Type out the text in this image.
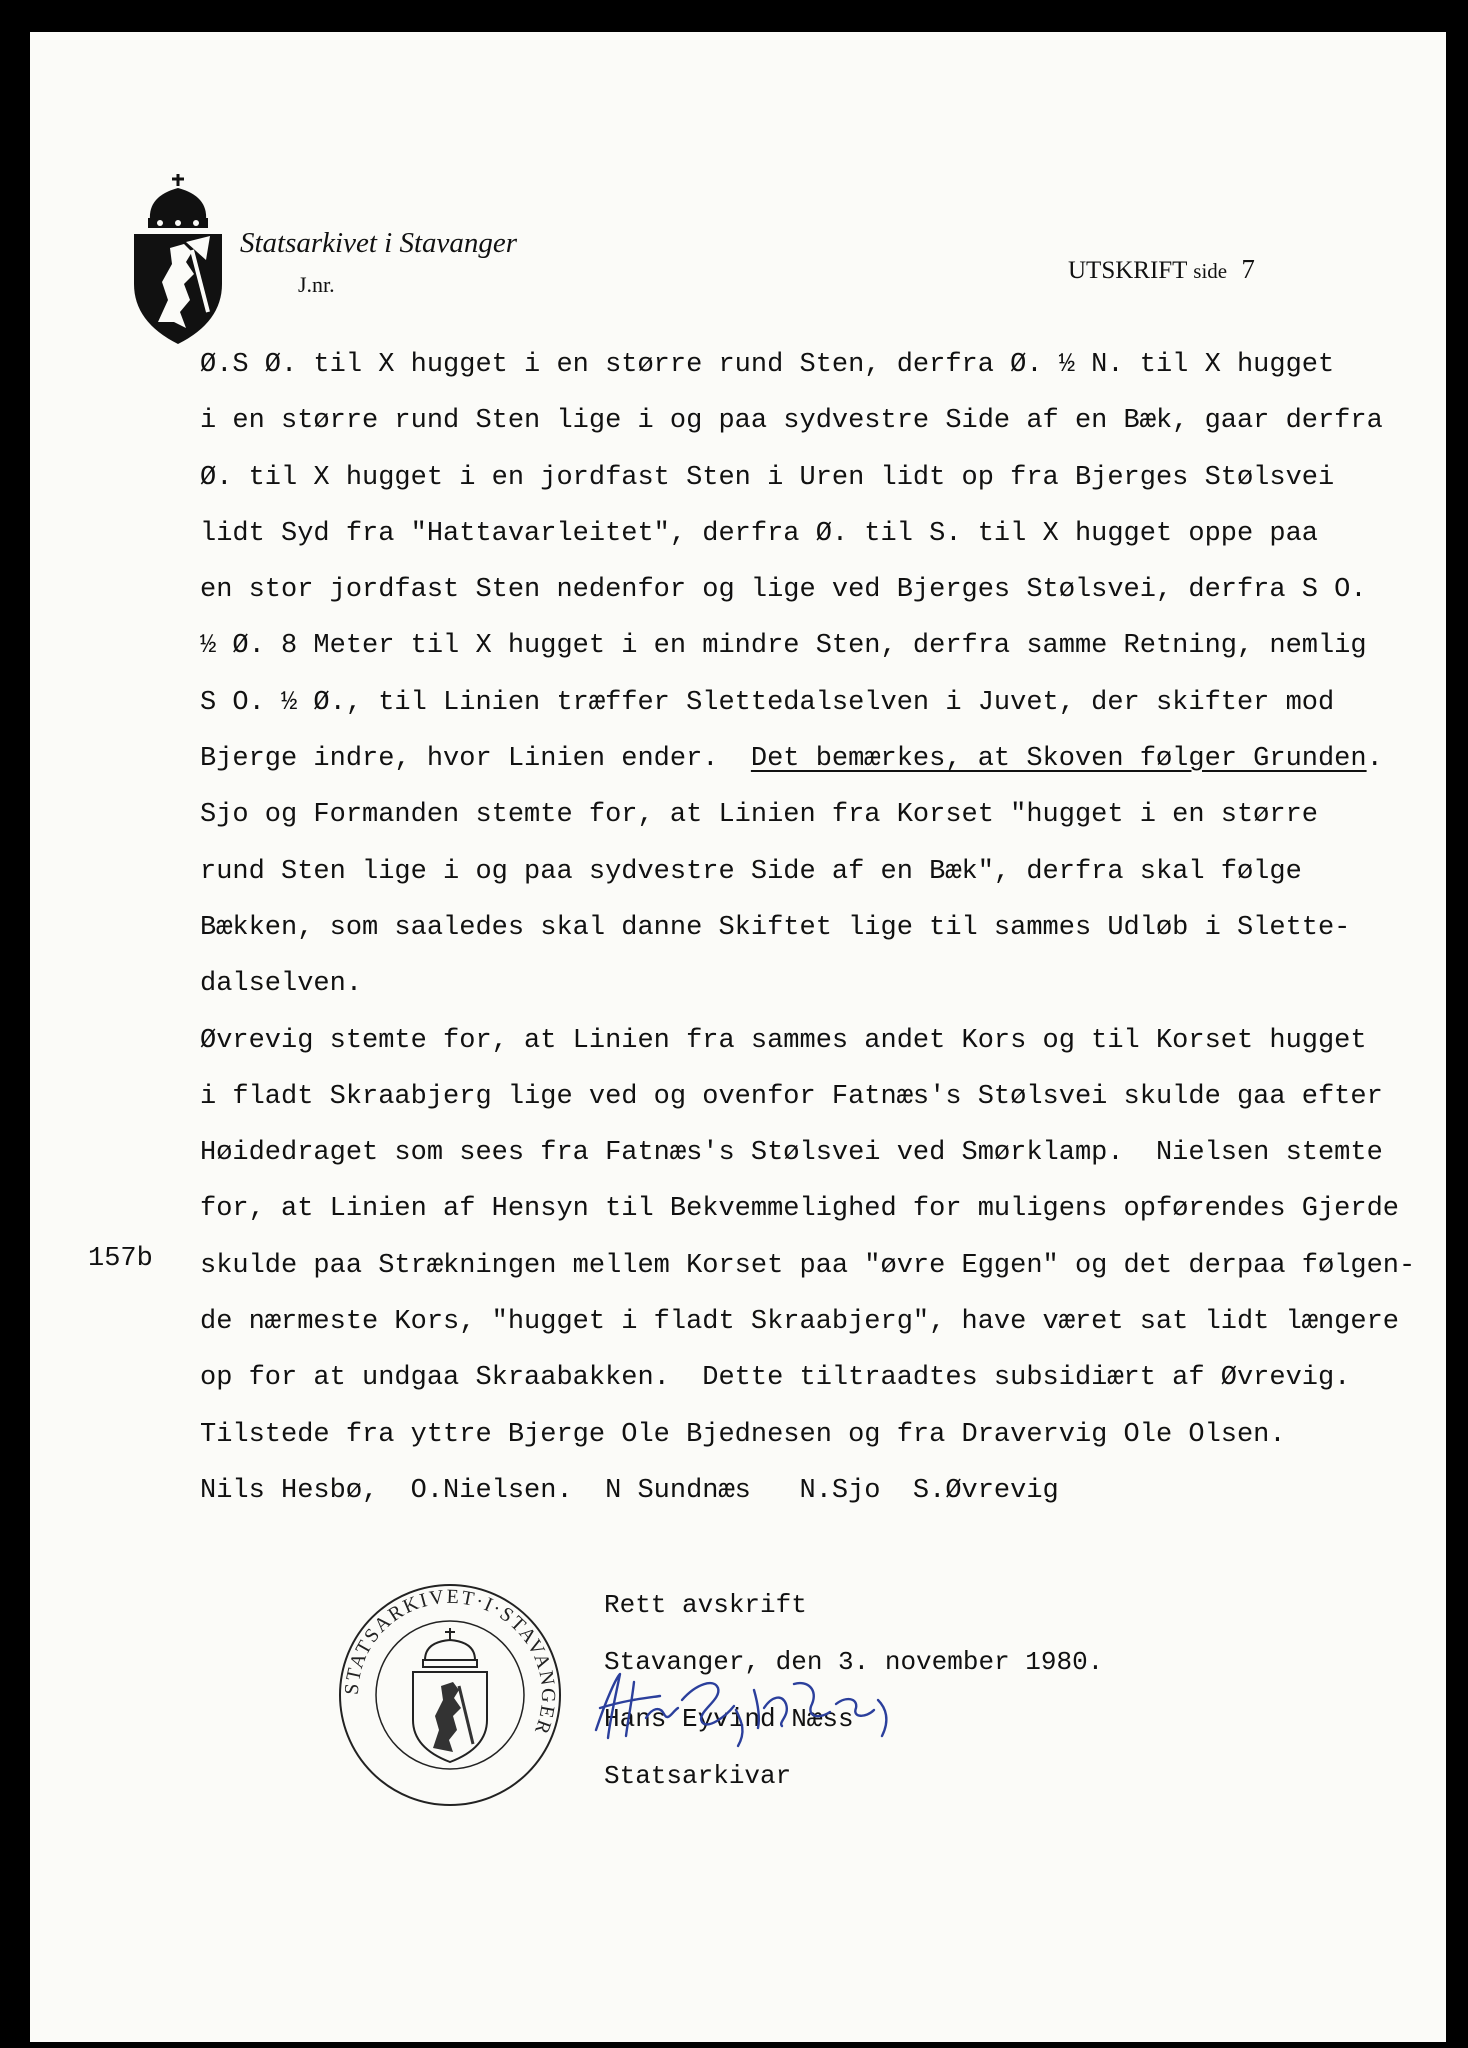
Statsarkivet i Stavanger

J.nr.

UTSKRIFT side 7
Ø.S Ø. til X hugget i en større rund Sten, derfra Ø. ½ N. til X hugget
i en større rund Sten lige i og paa sydvestre Side af en Bæk, gaar derfra
Ø. til X hugget i en jordfast Sten i Uren lidt op fra Bjerges Stølsvei
lidt Syd fra "Hattavarleitet", derfra Ø. til S. til X hugget oppe paa
en stor jordfast Sten nedenfor og lige ved Bjerges Stølsvei, derfra S O.
½ Ø. 8 Meter til X hugget i en mindre Sten, derfra samme Retning, nemlig
S O. ½ Ø., til Linien træffer Slettedalselven i Juvet, der skifter mod
Bjerge indre, hvor Linien ender.  Det bemærkes, at Skoven følger Grunden.
Sjo og Formanden stemte for, at Linien fra Korset "hugget i en større
rund Sten lige i og paa sydvestre Side af en Bæk", derfra skal følge
Bækken, som saaledes skal danne Skiftet lige til sammes Udløb i Slette-
dalselven.
Øvrevig stemte for, at Linien fra sammes andet Kors og til Korset hugget
i fladt Skraabjerg lige ved og ovenfor Fatnæs's Stølsvei skulde gaa efter
Høidedraget som sees fra Fatnæs's Stølsvei ved Smørklamp.  Nielsen stemte
for, at Linien af Hensyn til Bekvemmelighed for muligens opførendes Gjerde
skulde paa Strækningen mellem Korset paa "øvre Eggen" og det derpaa følgen-
de nærmeste Kors, "hugget i fladt Skraabjerg", have været sat lidt længere
op for at undgaa Skraabakken.  Dette tiltraadtes subsidiært af Øvrevig.
Tilstede fra yttre Bjerge Ole Bjednesen og fra Dravervig Ole Olsen.
Nils Hesbø,  O.Nielsen.  N Sundnæs   N.Sjo  S.Øvrevig
157b
STATSARKIVET·I·STAVANGER
Rett avskrift
Stavanger, den 3. november 1980.
Hans Eyvind Næss
Statsarkivar
